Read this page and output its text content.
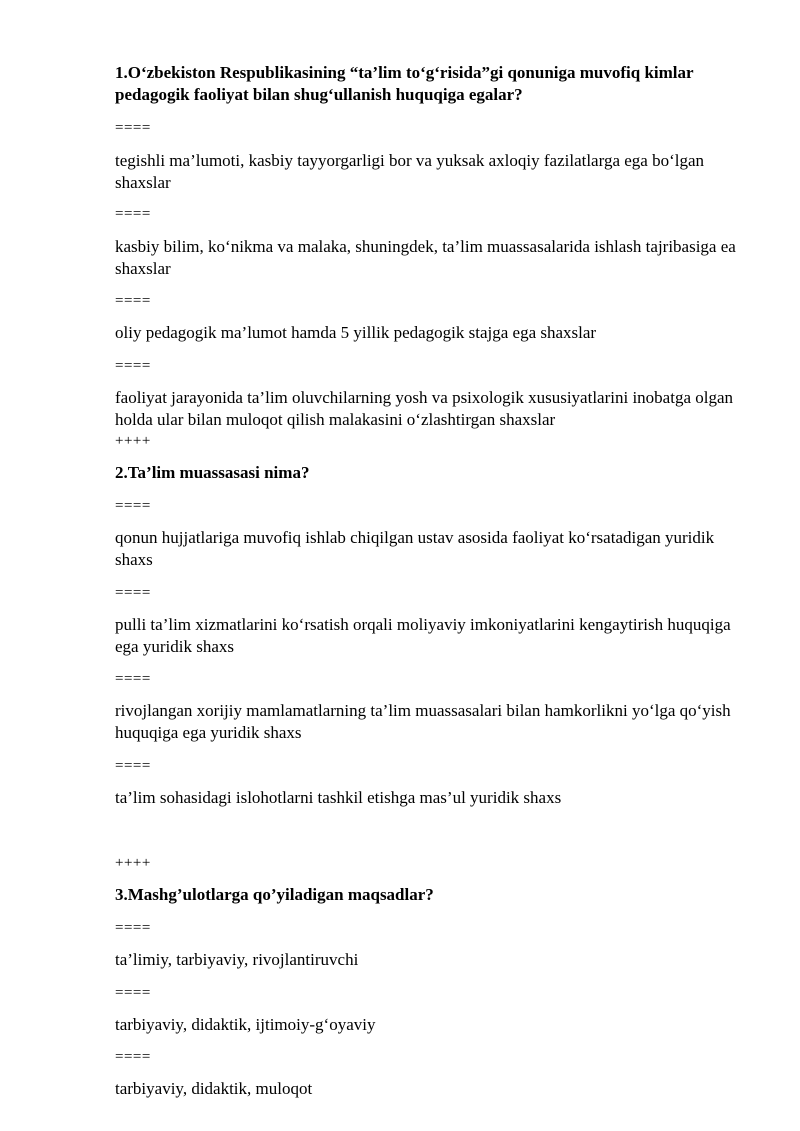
1.O‘zbekiston Respublikasining “ta’lim to‘g‘risida”gi qonuniga muvofiq kimlar pedagogik faoliyat bilan shug‘ullanish huquqiga egalar?
====
tegishli ma’lumoti, kasbiy tayyorgarligi bor va yuksak axloqiy fazilatlarga ega bo‘lgan shaxslar
====
kasbiy bilim, ko‘nikma va malaka, shuningdek, ta’lim muassasalarida ishlash tajribasiga ea shaxslar
====
oliy pedagogik ma’lumot hamda 5 yillik pedagogik stajga ega shaxslar
====
faoliyat jarayonida ta’lim oluvchilarning yosh va psixologik xususiyatlarini inobatga olgan holda ular bilan muloqot qilish malakasini o‘zlashtirgan shaxslar
++++
2.Ta’lim muassasasi nima?
====
qonun hujjatlariga muvofiq ishlab chiqilgan ustav asosida faoliyat ko‘rsatadigan yuridik shaxs
====
pulli ta’lim xizmatlarini ko‘rsatish orqali moliyaviy imkoniyatlarini kengaytirish huquqiga ega yuridik shaxs
====
rivojlangan xorijiy mamlamatlarning ta’lim muassasalari bilan hamkorlikni yo‘lga qo‘yish huquqiga ega yuridik shaxs
====
ta’lim sohasidagi islohotlarni tashkil etishga mas’ul yuridik shaxs
++++
3.Mashg’ulotlarga qo’yiladigan maqsadlar?
====
ta’limiy, tarbiyaviy, rivojlantiruvchi
====
tarbiyaviy, didaktik, ijtimoiy-g‘oyaviy
====
tarbiyaviy, didaktik, muloqot
